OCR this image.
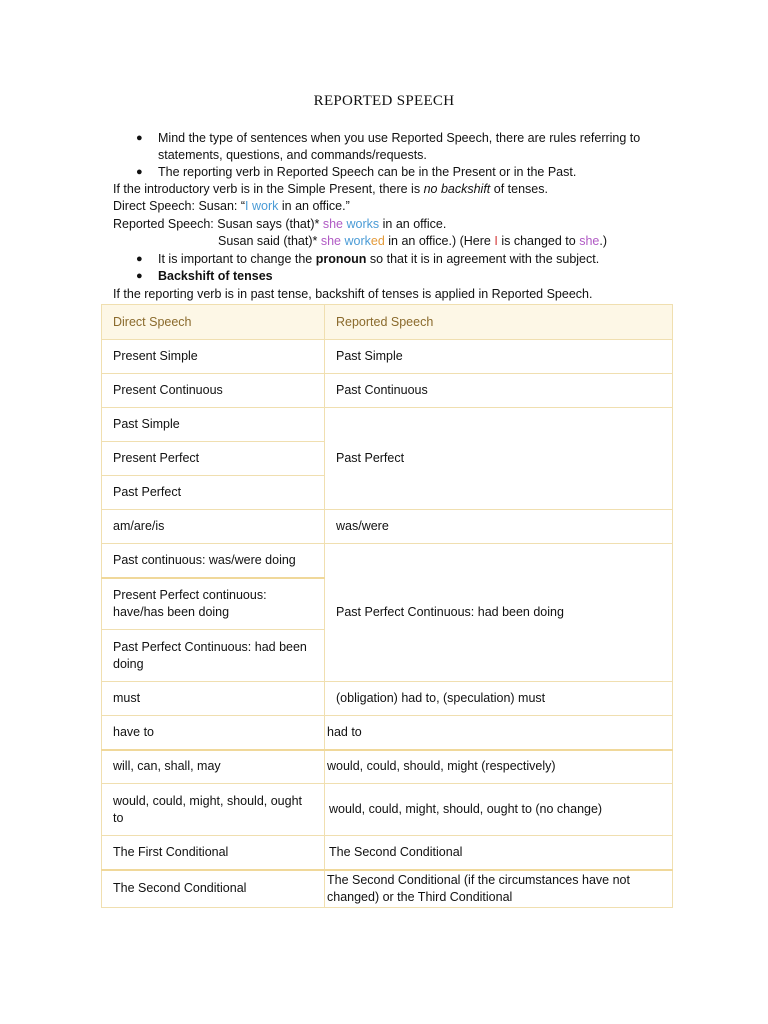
REPORTED SPEECH
● Mind the type of sentences when you use Reported Speech, there are rules referring to
statements, questions, and commands/requests.
● The reporting verb in Reported Speech can be in the Present or in the Past.
If the introductory verb is in the Simple Present, there is no backshift of tenses.
Direct Speech: Susan: “I work in an office.”
Reported Speech: Susan says (that)* she works in an office.
Susan said (that)* she worked in an office.) (Here I is changed to she.)
● It is important to change the pronoun so that it is in agreement with the subject.
● Backshift of tenses
If the reporting verb is in past tense, backshift of tenses is applied in Reported Speech.
Direct Speech	Reported Speech
Present Simple	Past Simple
Present Continuous	Past Continuous
Past Simple	Past Perfect
Present Perfect	
Past Perfect	
am/are/is	was/were
Past continuous: was/were doing	Past Perfect Continuous: had been doing
Present Perfect continuous: have/has been doing	
Past Perfect Continuous: had been doing	
must	(obligation) had to, (speculation) must
have to	had to
will, can, shall, may	would, could, should, might (respectively)
would, could, might, should, ought to	would, could, might, should, ought to (no change)
The First Conditional	The Second Conditional
The Second Conditional	The Second Conditional (if the circumstances have not changed) or the Third Conditional
